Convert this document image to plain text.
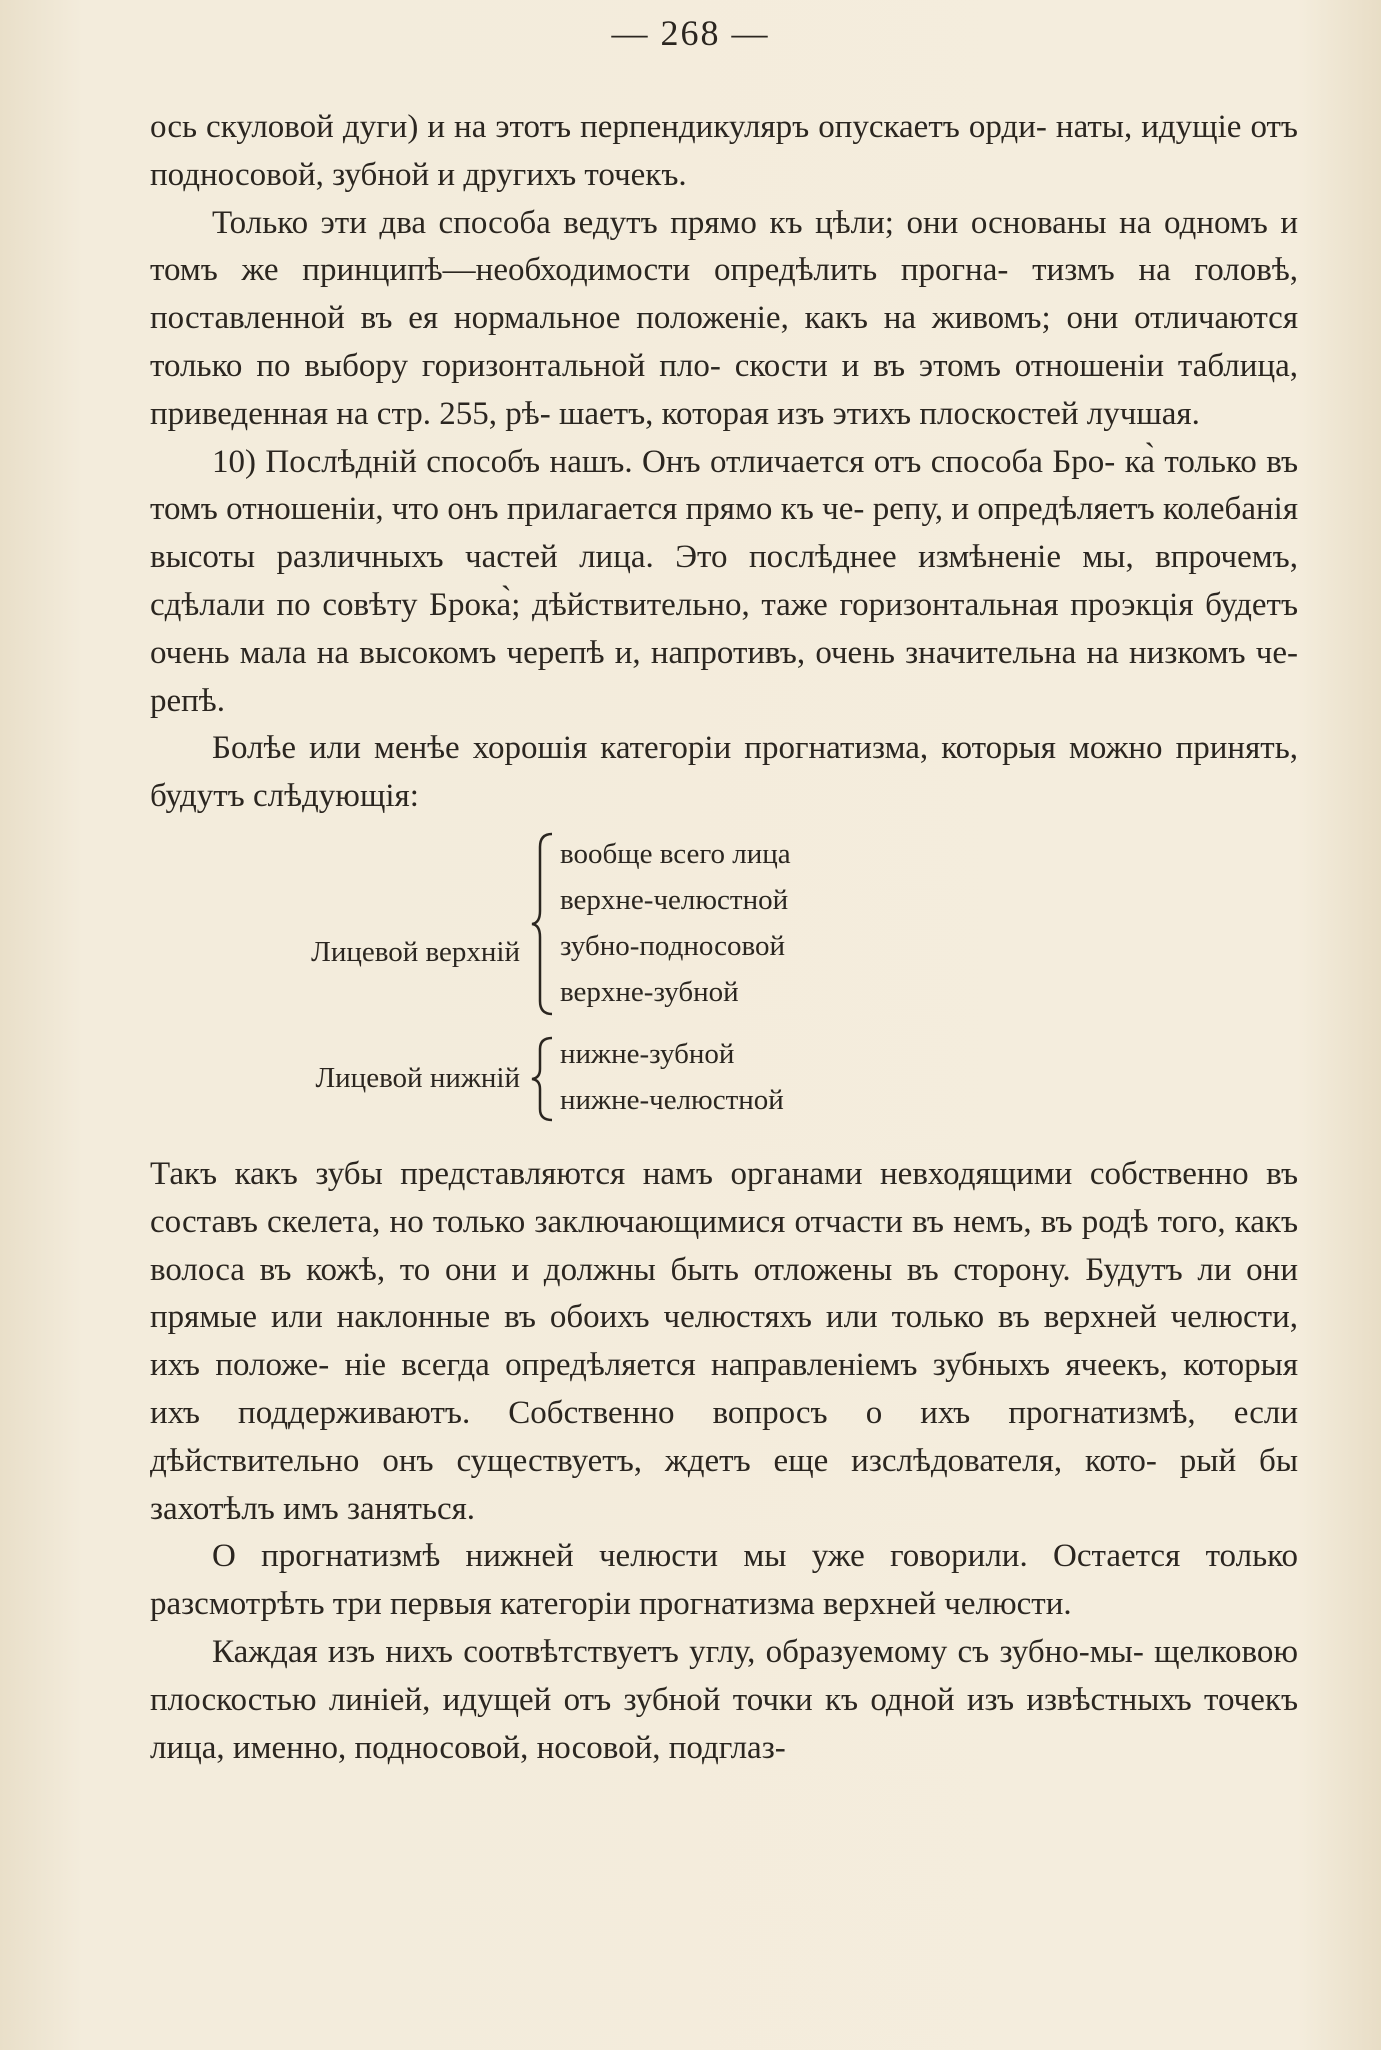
— 268 —

ось скуловой дуги) и на этотъ перпендикуляръ опускаетъ орди- наты, идущіе отъ подносовой, зубной и другихъ точекъ.

Только эти два способа ведутъ прямо къ цѣли; они основаны на одномъ и томъ же принципѣ—необходимости опредѣлить прогна- тизмъ на головѣ, поставленной въ ея нормальное положеніе, какъ на живомъ; они отличаются только по выбору горизонтальной пло- скости и въ этомъ отношеніи таблица, приведенная на стр. 255, рѣ- шаетъ, которая изъ этихъ плоскостей лучшая.

10) Послѣдній способъ нашъ. Онъ отличается отъ способа Бро- ка̀ только въ томъ отношеніи, что онъ прилагается прямо къ че- репу, и опредѣляетъ колебанія высоты различныхъ частей лица. Это послѣднее измѣненіе мы, впрочемъ, сдѣлали по совѣту Брока̀; дѣйствительно, таже горизонтальная проэкція будетъ очень мала на высокомъ черепѣ и, напротивъ, очень значительна на низкомъ че- репѣ.

Болѣе или менѣе хорошія категоріи прогнатизма, которыя можно принять, будутъ слѣдующія:

Лицевой верхній
вообще всего лица
верхне-челюстной
зубно-подносовой
верхне-зубной
Лицевой нижній
нижне-зубной
нижне-челюстной

Такъ какъ зубы представляются намъ органами невходящими собственно въ составъ скелета, но только заключающимися отчасти въ немъ, въ родѣ того, какъ волоса въ кожѣ, то они и должны быть отложены въ сторону. Будутъ ли они прямые или наклонные въ обоихъ челюстяхъ или только въ верхней челюсти, ихъ положе- ніе всегда опредѣляется направленіемъ зубныхъ ячеекъ, которыя ихъ поддерживаютъ. Собственно вопросъ о ихъ прогнатизмѣ, если дѣйствительно онъ существуетъ, ждетъ еще изслѣдователя, кото- рый бы захотѣлъ имъ заняться.

О прогнатизмѣ нижней челюсти мы уже говорили. Остается только разсмотрѣть три первыя категоріи прогнатизма верхней челюсти.

Каждая изъ нихъ соотвѣтствуетъ углу, образуемому съ зубно-мы- щелковою плоскостью линіей, идущей отъ зубной точки къ одной изъ извѣстныхъ точекъ лица, именно, подносовой, носовой, подглаз-
